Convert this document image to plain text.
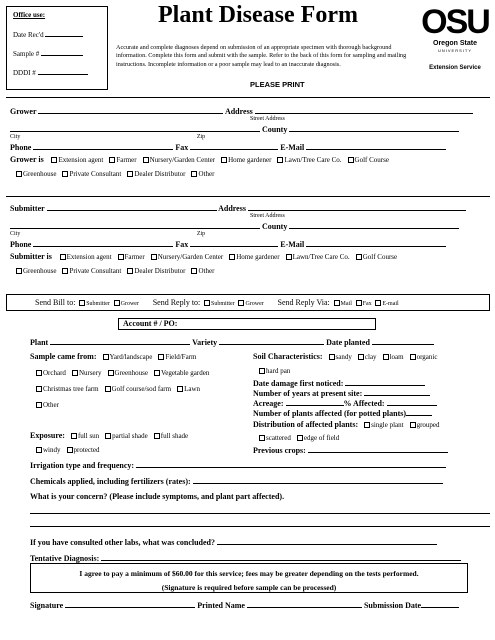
Office use:
Date Rec'd
Sample #
DDDI #
Plant Disease Form
Accurate and complete diagnoses depend on submission of an appropriate specimen with thorough background information. Complete this form and submit with the sample. Refer to the back of this form for sampling and mailing instructions. Incomplete information or a poor sample may lead to an inaccurate diagnosis.
PLEASE PRINT
OSU
Oregon State
UNIVERSITY
Extension Service
Grower	Address
Street Address
County
City	Zip
Phone	Fax	E-Mail
Grower is Extension agent Farmer Nursery/Garden Center Home gardener Lawn/Tree Care Co. Golf Course
Greenhouse Private Consultant Dealer Distributor Other
Submitter	Address
Street Address
County
City	Zip
Phone	Fax	E-Mail
Submitter is Extension agent Farmer Nursery/Garden Center Home gardener Lawn/Tree Care Co. Golf Course
Greenhouse Private Consultant Dealer Distributor Other
Send Bill to: Submitter Grower Send Reply to: Submitter Grower Send Reply Via: Mail Fax E-mail
Account # / PO:
Plant	Variety	Date planted
Sample came from: Yard/landscape Field/Farm
Orchard Nursery Greenhouse Vegetable garden
Christmas tree farm Golf course/sod farm Lawn
Other
Exposure: full sun partial shade full shade
windy protected
Soil Characteristics: sandy clay loam organic
hard pan
Date damage first noticed:
Number of years at present site:
Acreage:	% Affected:
Number of plants affected (for potted plants)
Distribution of affected plants: single plant grouped
scattered edge of field
Previous crops:
Irrigation type and frequency:
Chemicals applied, including fertilizers (rates):
What is your concern? (Please include symptoms, and plant part affected).
If you have consulted other labs, what was concluded?
Tentative Diagnosis:
I agree to pay a minimum of $60.00 for this service; fees may be greater depending on the tests performed.
(Signature is required before sample can be processed)
Signature	Printed Name	Submission Date
